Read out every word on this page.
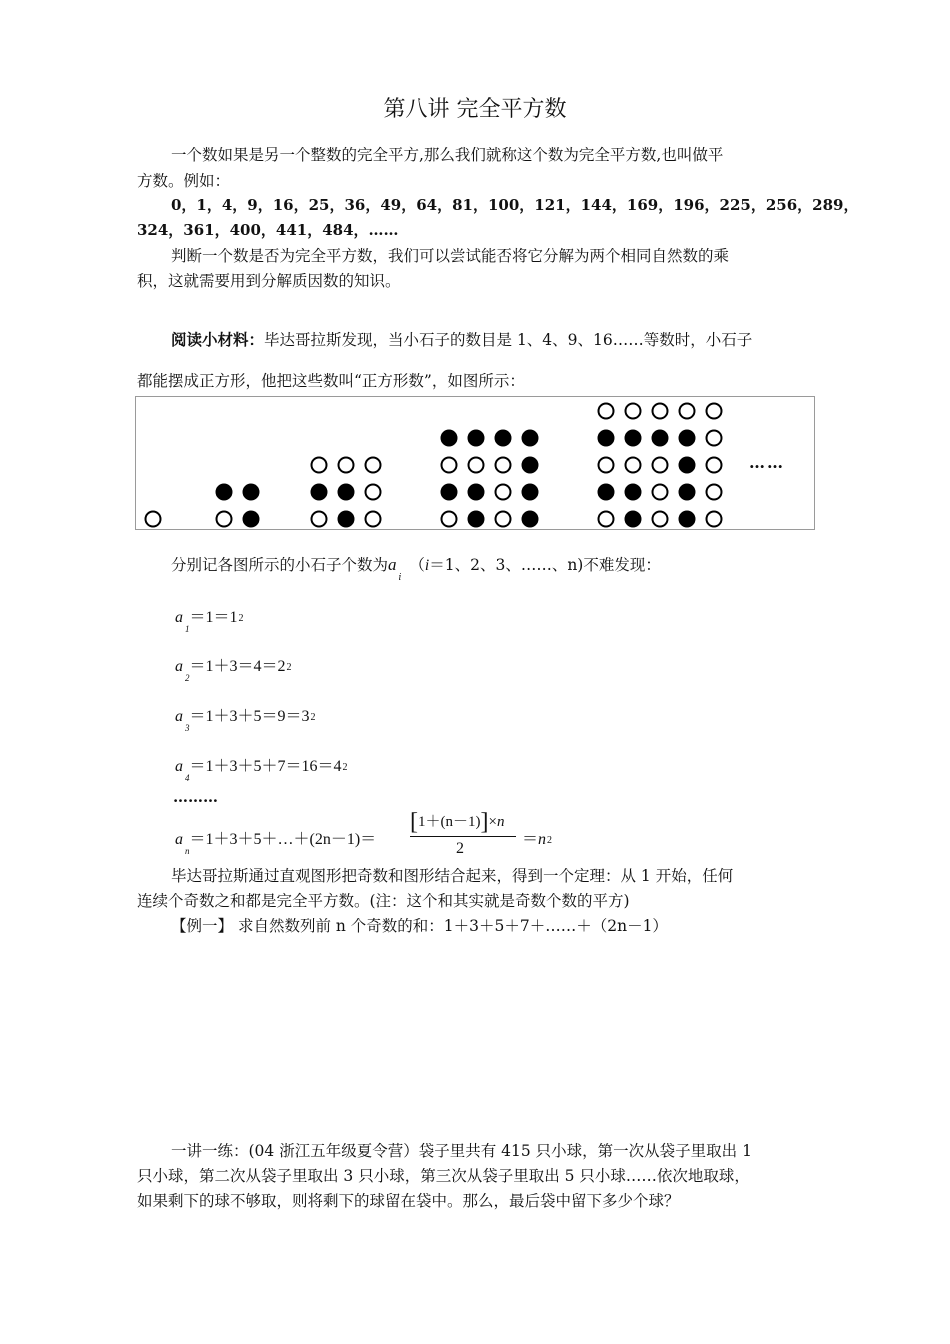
第八讲 完全平方数
一个数如果是另一个整数的完全平方,那么我们就称这个数为完全平方数,也叫做平
方数。例如：
0，1，4，9，16，25，36，49，64，81，100，121，144，169，196，225，256，289，
324，361，400，441，484，……
判断一个数是否为完全平方数，我们可以尝试能否将它分解为两个相同自然数的乘
积，这就需要用到分解质因数的知识。
阅读小材料：毕达哥拉斯发现，当小石子的数目是 1、4、9、16……等数时，小石子
都能摆成正方形，他把这些数叫“正方形数”，如图所示：
……
分别记各图所示的小石子个数为$a_i(i=1$、2、3、……、n)不难发现：
$a_1=1=12$
$a_2=1+3=4=22$
$a_3=1+3+5=9=32$
$a_4=1+3+5+7=16=42$
………
$a_n=1+3+5+\dots+(2n-1)=$
[1＋(n－1)]×n
2
＝n2
毕达哥拉斯通过直观图形把奇数和图形结合起来，得到一个定理：从 1 开始，任何
连续个奇数之和都是完全平方数。(注：这个和其实就是奇数个数的平方)
【例一】 求自然数列前 n 个奇数的和：1＋3＋5＋7＋……＋（2n－1）
一讲一练：(04 浙江五年级夏令营）袋子里共有 415 只小球，第一次从袋子里取出 1
只小球，第二次从袋子里取出 3 只小球，第三次从袋子里取出 5 只小球……依次地取球，
如果剩下的球不够取，则将剩下的球留在袋中。那么，最后袋中留下多少个球？
